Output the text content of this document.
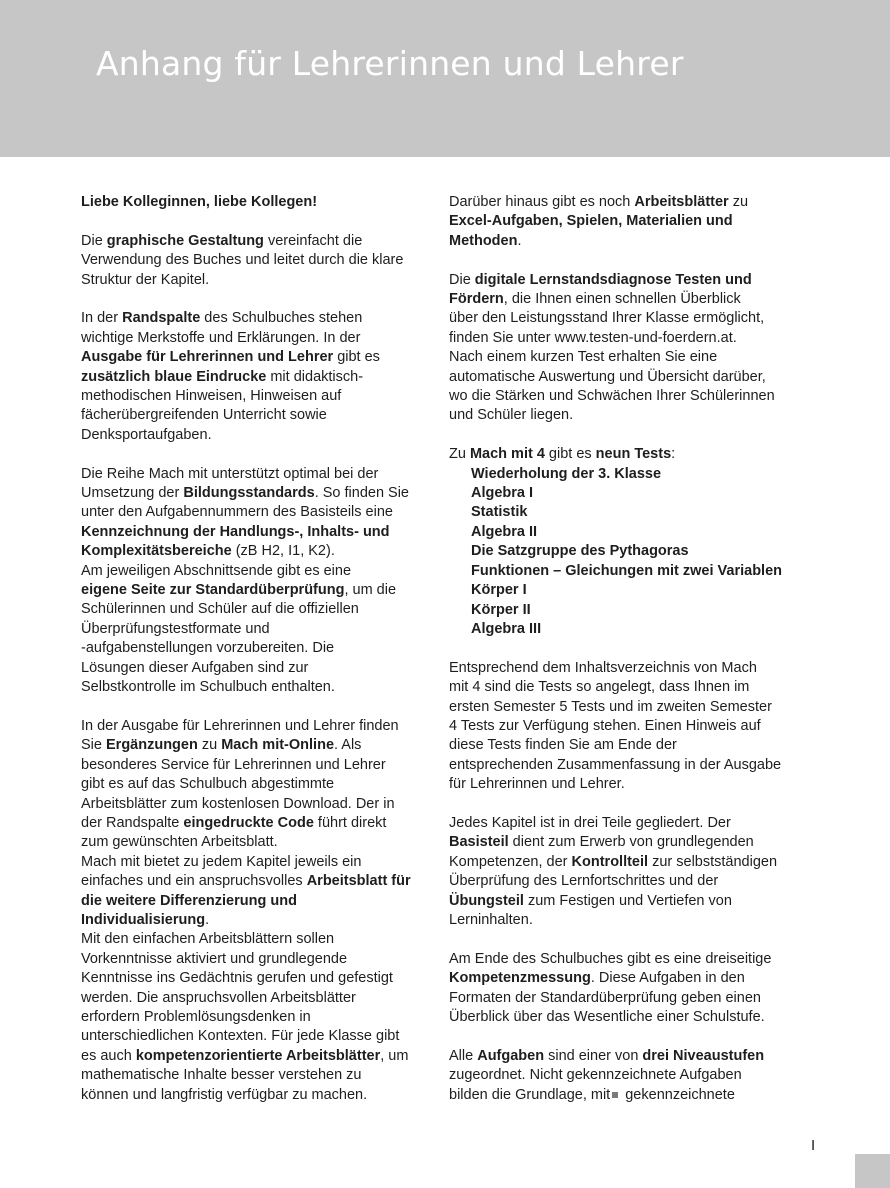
Anhang für Lehrerinnen und Lehrer

Liebe Kolleginnen, liebe Kollegen!

Die graphische Gestaltung vereinfacht die
Verwendung des Buches und leitet durch die klare
Struktur der Kapitel.

In der Randspalte des Schulbuches stehen
wichtige Merkstoffe und Erklärungen. In der
Ausgabe für Lehrerinnen und Lehrer gibt es
zusätzlich blaue Eindrucke mit didaktisch-
methodischen Hinweisen, Hinweisen auf
fächerübergreifenden Unterricht sowie
Denksportaufgaben.

Die Reihe Mach mit unterstützt optimal bei der
Umsetzung der Bildungsstandards. So finden Sie
unter den Aufgabennummern des Basisteils eine
Kennzeichnung der Handlungs-, Inhalts- und
Komplexitätsbereiche (zB H2, I1, K2).
Am jeweiligen Abschnittsende gibt es eine
eigene Seite zur Standardüberprüfung, um die
Schülerinnen und Schüler auf die offiziellen
Überprüfungstestformate und
-aufgabenstellungen vorzubereiten. Die
Lösungen dieser Aufgaben sind zur
Selbstkontrolle im Schulbuch enthalten.

In der Ausgabe für Lehrerinnen und Lehrer finden
Sie Ergänzungen zu Mach mit-Online. Als
besonderes Service für Lehrerinnen und Lehrer
gibt es auf das Schulbuch abgestimmte
Arbeitsblätter zum kostenlosen Download. Der in
der Randspalte eingedruckte Code führt direkt
zum gewünschten Arbeitsblatt.
Mach mit bietet zu jedem Kapitel jeweils ein
einfaches und ein anspruchsvolles Arbeitsblatt für
die weitere Differenzierung und
Individualisierung.
Mit den einfachen Arbeitsblättern sollen
Vorkenntnisse aktiviert und grundlegende
Kenntnisse ins Gedächtnis gerufen und gefestigt
werden. Die anspruchsvollen Arbeitsblätter
erfordern Problemlösungsdenken in
unterschiedlichen Kontexten. Für jede Klasse gibt
es auch kompetenzorientierte Arbeitsblätter, um
mathematische Inhalte besser verstehen zu
können und langfristig verfügbar zu machen.

Darüber hinaus gibt es noch Arbeitsblätter zu
Excel-Aufgaben, Spielen, Materialien und
Methoden.

Die digitale Lernstandsdiagnose Testen und
Fördern, die Ihnen einen schnellen Überblick
über den Leistungsstand Ihrer Klasse ermöglicht,
finden Sie unter www.testen-und-foerdern.at.
Nach einem kurzen Test erhalten Sie eine
automatische Auswertung und Übersicht darüber,
wo die Stärken und Schwächen Ihrer Schülerinnen
und Schüler liegen.

Zu Mach mit 4 gibt es neun Tests:
Wiederholung der 3. Klasse
Algebra I
Statistik
Algebra II
Die Satzgruppe des Pythagoras
Funktionen – Gleichungen mit zwei Variablen
Körper I
Körper II
Algebra III

Entsprechend dem Inhaltsverzeichnis von Mach
mit 4 sind die Tests so angelegt, dass Ihnen im
ersten Semester 5 Tests und im zweiten Semester
4 Tests zur Verfügung stehen. Einen Hinweis auf
diese Tests finden Sie am Ende der
entsprechenden Zusammenfassung in der Ausgabe
für Lehrerinnen und Lehrer.

Jedes Kapitel ist in drei Teile gegliedert. Der
Basisteil dient zum Erwerb von grundlegenden
Kompetenzen, der Kontrollteil zur selbstständigen
Überprüfung des Lernfortschrittes und der
Übungsteil zum Festigen und Vertiefen von
Lerninhalten.

Am Ende des Schulbuches gibt es eine dreiseitige
Kompetenzmessung. Diese Aufgaben in den
Formaten der Standardüberprüfung geben einen
Überblick über das Wesentliche einer Schulstufe.

Alle Aufgaben sind einer von drei Niveaustufen
zugeordnet. Nicht gekennzeichnete Aufgaben
bilden die Grundlage, mit gekennzeichnete

I
